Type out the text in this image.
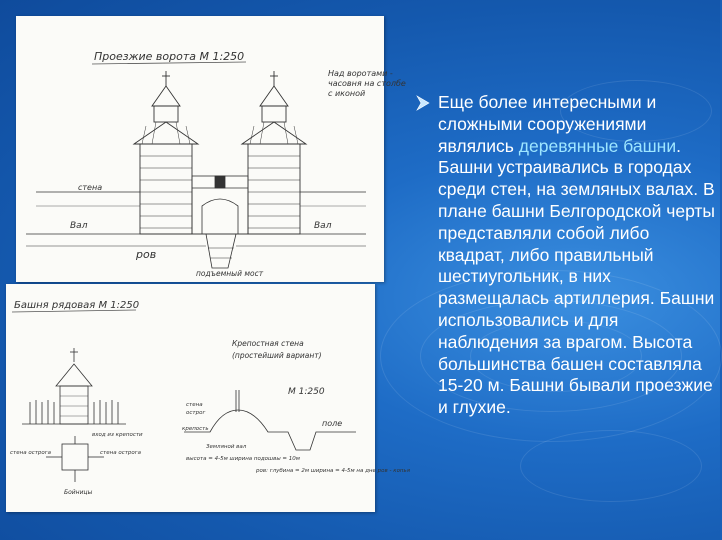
Проезжие ворота М 1:250
Над воротами - часовня на столбе с иконой
стена
Вал	Вал
ров
подъемный мост
Башня рядовая М 1:250
вход из крепости
стена острога	стена острога
Бойницы
Крепостная стена
(простейший вариант)
М 1:250
стена
острог
крепость
поле
Земляной вал
высота = 4-5м ширина подошвы = 10м
ров: глубина = 2м ширина = 4-5м на дне ров - копья
Еще более интересными и сложными сооружениями являлись деревянные башни. Башни устраивались в городах среди стен, на земляных валах. В плане башни Белгородской черты представляли собой либо квадрат, либо правильный шестиугольник, в них размещалась артиллерия. Башни использовались и для наблюдения за врагом. Высота большинства башен составляла 15-20 м. Башни бывали проезжие и глухие.
